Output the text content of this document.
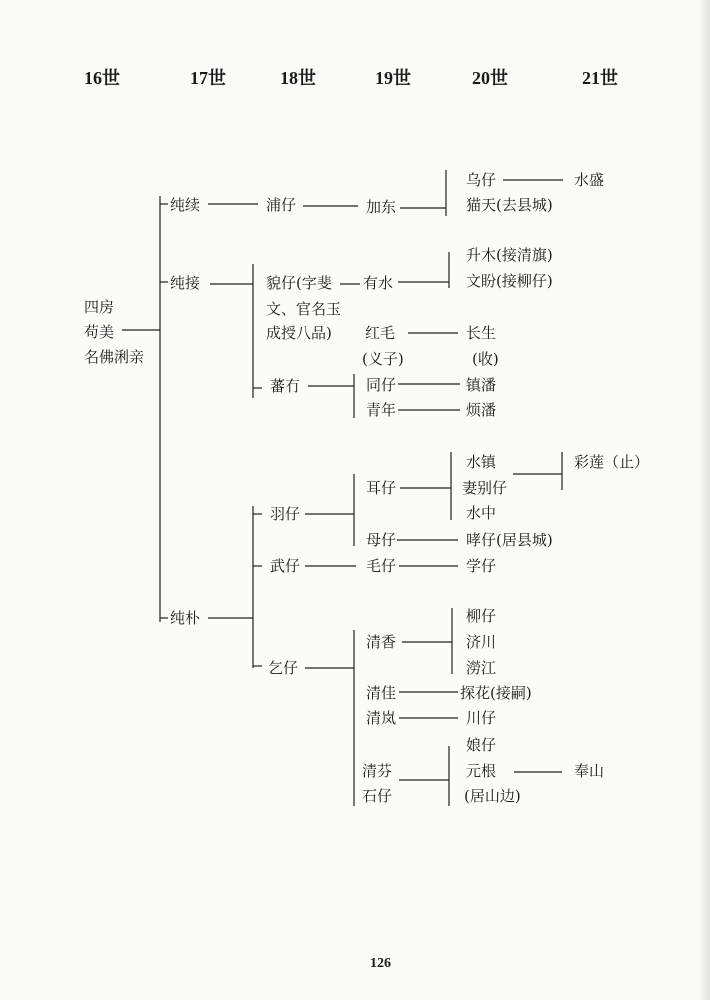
16世	17世	18世	19世	20世	21世
四房
苟美
名佛浰亲
纯续
纯接
纯朴
浦仔	加东
乌仔	水盛
猫天(去县城)
貌仔(字斐
文、官名玉
成授八品)
有水
升木(接清旗)
文盼(接柳仔)
红毛
(义子)
长生
(收)
蕃冇	同仔	镇潘
青年	烦潘
羽仔
耳仔
水镇	彩莲（止）
妻别仔
水中
母仔	哮仔(居县城)
武仔	毛仔	学仔
乞仔
清香
柳仔
济川
澇江
清佳	探花(接嗣)
清岚	川仔
娘仔
清芬	元根	奉山
石仔	(居山边)
126
